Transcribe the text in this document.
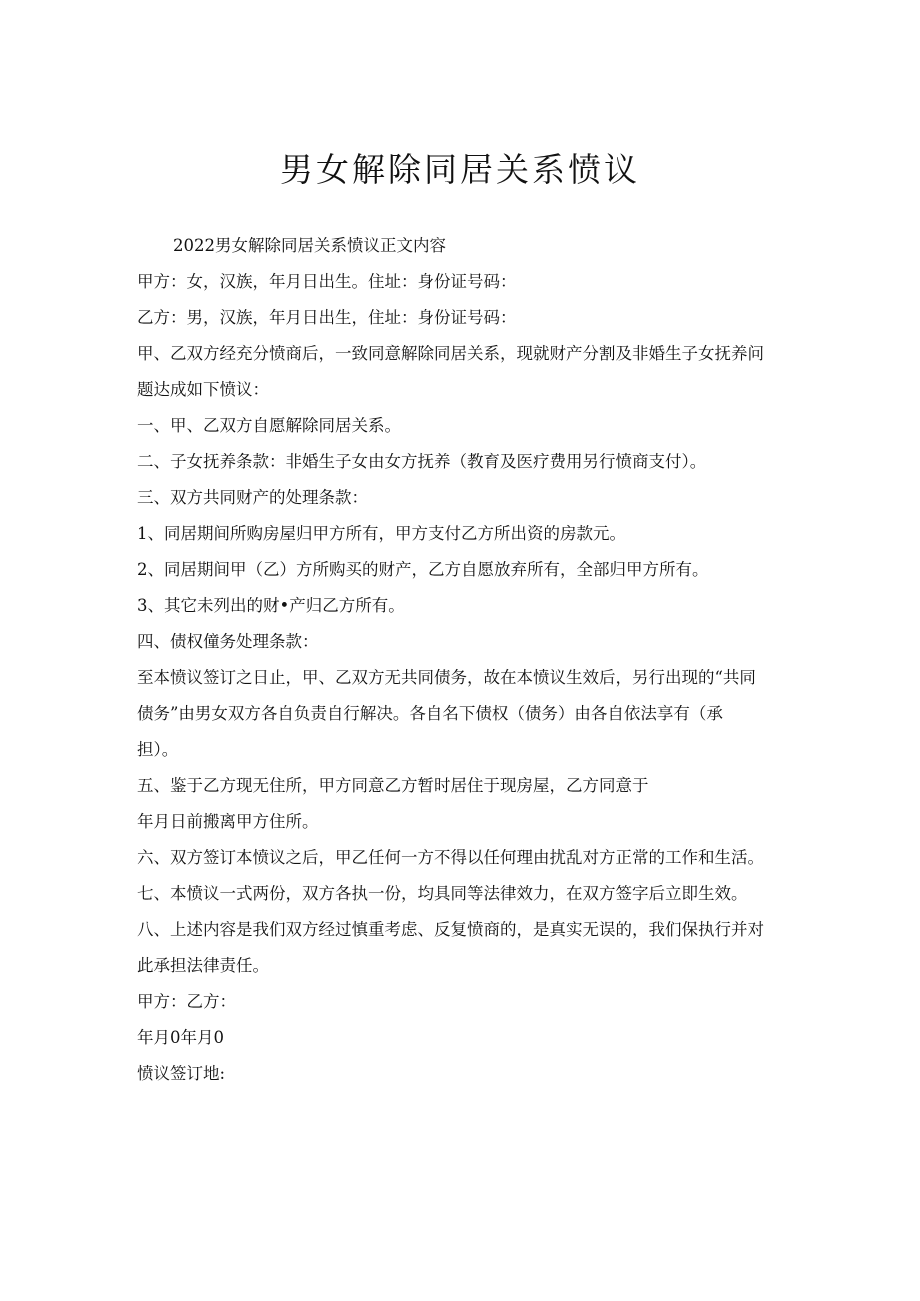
男女解除同居关系愤议

2022男女解除同居关系愤议正文内容

甲方：女，汉族，年月日出生。住址：身份证号码：

乙方：男，汉族，年月日出生，住址：身份证号码：

甲、乙双方经充分愤商后，一致同意解除同居关系，现就财产分割及非婚生子女抚养问

题达成如下愤议：

一、甲、乙双方自愿解除同居关系。

二、子女抚养条款：非婚生子女由女方抚养（教育及医疗费用另行愤商支付）。

三、双方共同财产的处理条款：

1、同居期间所购房屋归甲方所有，甲方支付乙方所出资的房款元。

2、同居期间甲（乙）方所购买的财产，乙方自愿放弃所有，全部归甲方所有。

3、其它未列出的财•产归乙方所有。

四、债权僮务处理条款：

至本愤议签订之日止，甲、乙双方无共同债务，故在本愤议生效后，另行出现的“共同

债务”由男女双方各自负责自行解决。各自名下债权（债务）由各自依法享有（承

担）。

五、鉴于乙方现无住所，甲方同意乙方暂时居住于现房屋，乙方同意于

年月日前搬离甲方住所。

六、双方签订本愤议之后，甲乙任何一方不得以任何理由扰乱对方正常的工作和生活。

七、本愤议一式两份，双方各执一份，均具同等法律效力，在双方签字后立即生效。

八、上述内容是我们双方经过慎重考虑、反复愤商的，是真实无误的，我们保执行并对

此承担法律责任。

甲方：乙方：

年月0年月0

愤议签订地:
